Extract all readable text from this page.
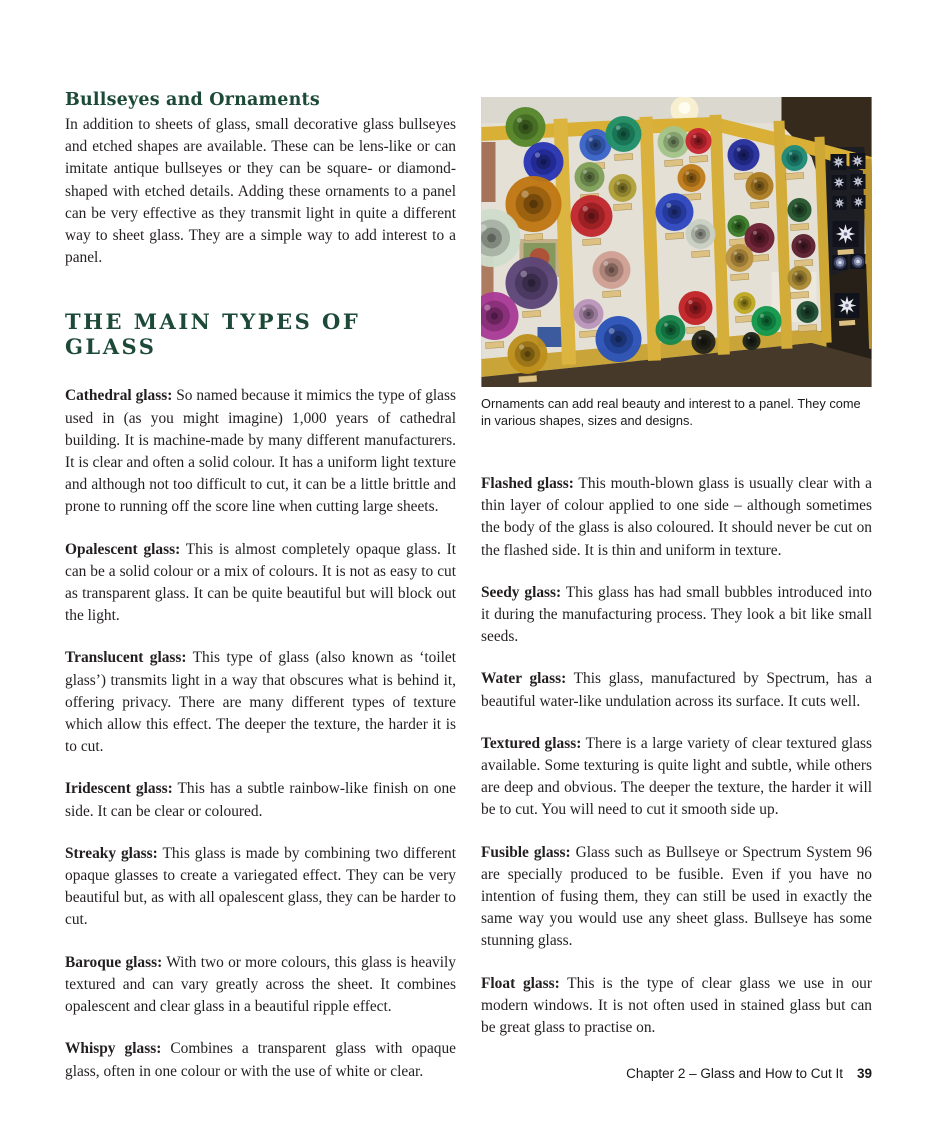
Bullseyes and Ornaments

In addition to sheets of glass, small decorative glass bullseyes and etched shapes are available. These can be lens-like or can imitate antique bullseyes or they can be square- or diamond-shaped with etched details. Adding these ornaments to a panel can be very effective as they transmit light in quite a different way to sheet glass. They are a simple way to add interest to a panel.

THE MAIN TYPES OF GLASS

Cathedral glass: So named because it mimics the type of glass used in (as you might imagine) 1,000 years of cathedral building. It is machine-made by many different manufacturers. It is clear and often a solid colour. It has a uniform light texture and although not too difficult to cut, it can be a little brittle and prone to running off the score line when cutting large sheets.

Opalescent glass: This is almost completely opaque glass. It can be a solid colour or a mix of colours. It is not as easy to cut as transparent glass. It can be quite beautiful but will block out the light.

Translucent glass: This type of glass (also known as ‘toilet glass’) transmits light in a way that obscures what is behind it, offering privacy. There are many different types of texture which allow this effect. The deeper the texture, the harder it is to cut.

Iridescent glass: This has a subtle rainbow-like finish on one side. It can be clear or coloured.

Streaky glass: This glass is made by combining two different opaque glasses to create a variegated effect. They can be very beautiful but, as with all opalescent glass, they can be harder to cut.

Baroque glass: With two or more colours, this glass is heavily textured and can vary greatly across the sheet. It combines opalescent and clear glass in a beautiful ripple effect.

Whispy glass: Combines a transparent glass with opaque glass, often in one colour or with the use of white or clear.

Ornaments can add real beauty and interest to a panel. They come in various shapes, sizes and designs.

Flashed glass: This mouth-blown glass is usually clear with a thin layer of colour applied to one side – although sometimes the body of the glass is also coloured. It should never be cut on the flashed side. It is thin and uniform in texture.

Seedy glass: This glass has had small bubbles introduced into it during the manufacturing process. They look a bit like small seeds.

Water glass: This glass, manufactured by Spectrum, has a beautiful water-like undulation across its surface. It cuts well.

Textured glass: There is a large variety of clear textured glass available. Some texturing is quite light and subtle, while others are deep and obvious. The deeper the texture, the harder it will be to cut. You will need to cut it smooth side up.

Fusible glass: Glass such as Bullseye or Spectrum System 96 are specially produced to be fusible. Even if you have no intention of fusing them, they can still be used in exactly the same way you would use any sheet glass. Bullseye has some stunning glass.

Float glass: This is the type of clear glass we use in our modern windows. It is not often used in stained glass but can be great glass to practise on.

Chapter 2 – Glass and How to Cut It 39
